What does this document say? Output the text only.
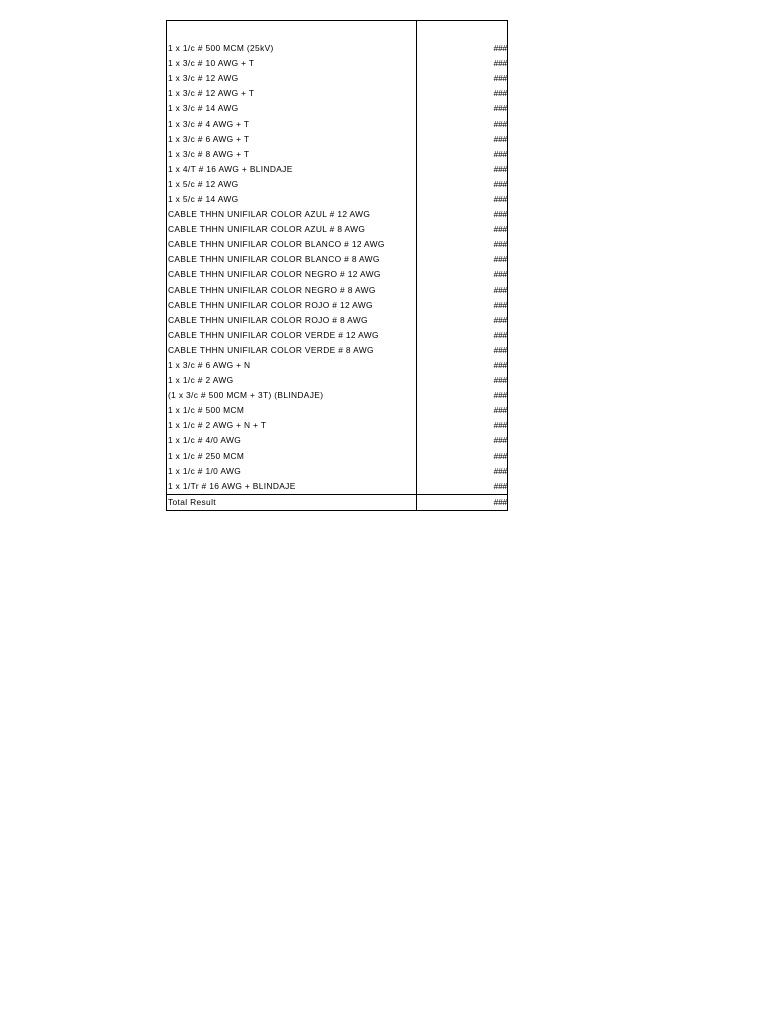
1 x 1/c # 500 MCM (25kV)	###
1 x 3/c # 10 AWG + T	###
1 x 3/c # 12 AWG	###
1 x 3/c # 12 AWG + T	###
1 x 3/c # 14 AWG	###
1 x 3/c # 4 AWG + T	###
1 x 3/c # 6 AWG + T	###
1 x 3/c # 8 AWG + T	###
1 x 4/T # 16 AWG + BLINDAJE	###
1 x 5/c # 12 AWG	###
1 x 5/c # 14 AWG	###
CABLE THHN UNIFILAR COLOR AZUL # 12 AWG	###
CABLE THHN UNIFILAR COLOR AZUL # 8 AWG	###
CABLE THHN UNIFILAR COLOR BLANCO # 12 AWG	###
CABLE THHN UNIFILAR COLOR BLANCO # 8 AWG	###
CABLE THHN UNIFILAR COLOR NEGRO # 12 AWG	###
CABLE THHN UNIFILAR COLOR NEGRO # 8 AWG	###
CABLE THHN UNIFILAR COLOR ROJO # 12 AWG	###
CABLE THHN UNIFILAR COLOR ROJO # 8 AWG	###
CABLE THHN UNIFILAR COLOR VERDE # 12 AWG	###
CABLE THHN UNIFILAR COLOR VERDE # 8 AWG	###
1 x 3/c # 6 AWG + N	###
1 x 1/c # 2 AWG	###
(1 x 3/c # 500 MCM + 3T) (BLINDAJE)	###
1 x 1/c # 500 MCM	###
1 x 1/c # 2 AWG + N + T	###
1 x 1/c # 4/0 AWG	###
1 x 1/c # 250 MCM	###
1 x 1/c # 1/0 AWG	###
1 x 1/Tr # 16 AWG + BLINDAJE	###
Total Result	###
